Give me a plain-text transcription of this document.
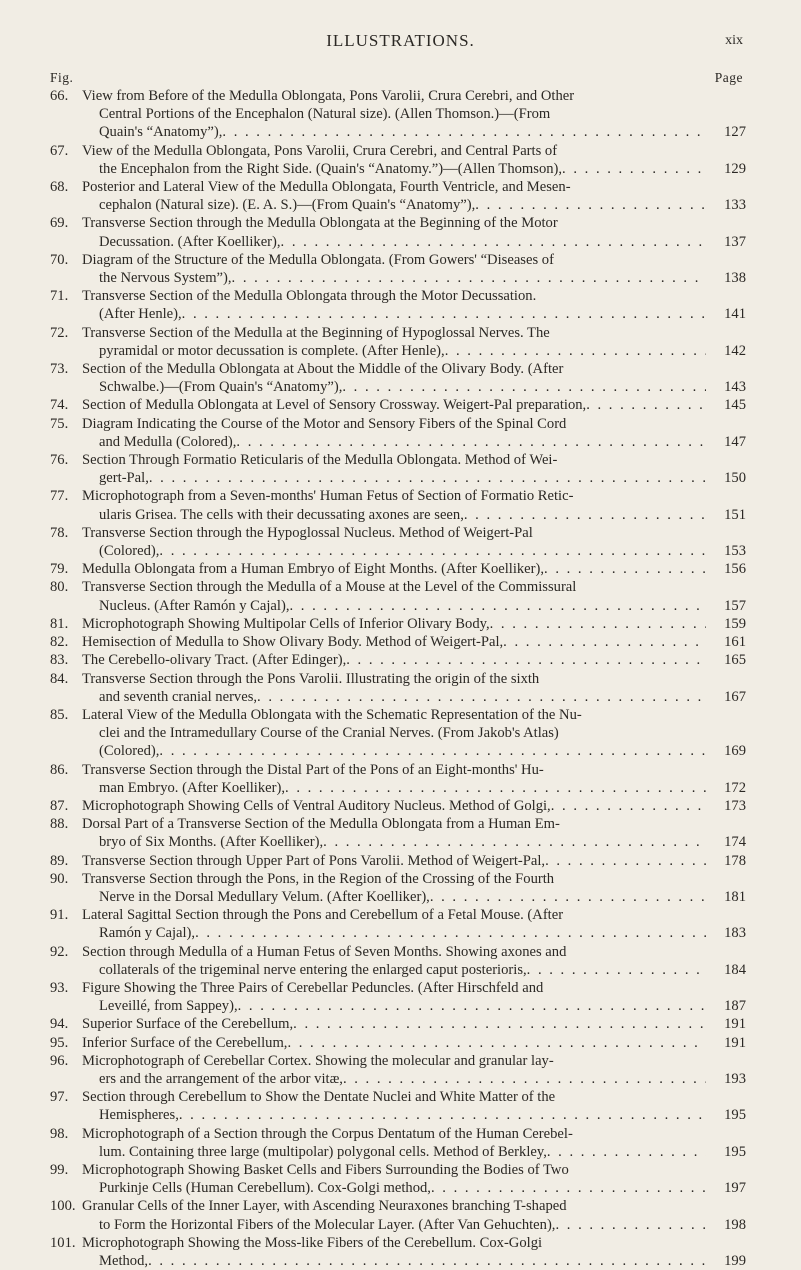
ILLUSTRATIONS.	xix
Fig.	Page
66. View from Before of the Medulla Oblongata, Pons Varolii, Crura Cerebri, and Other
Central Portions of the Encephalon (Natural size). (Allen Thomson.)—(From
Quain's “Anatomy”), . . .	127
67. View of the Medulla Oblongata, Pons Varolii, Crura Cerebri, and Central Parts of
the Encephalon from the Right Side. (Quain's “Anatomy.”)—(Allen Thomson), . . .	129
68. Posterior and Lateral View of the Medulla Oblongata, Fourth Ventricle, and Mesen-
cephalon (Natural size). (E. A. S.)—(From Quain's “Anatomy”), . . .	133
69. Transverse Section through the Medulla Oblongata at the Beginning of the Motor
Decussation. (After Koelliker), . . .	137
70. Diagram of the Structure of the Medulla Oblongata. (From Gowers' “Diseases of
the Nervous System”), . . .	138
71. Transverse Section of the Medulla Oblongata through the Motor Decussation.
(After Henle), . . .	141
72. Transverse Section of the Medulla at the Beginning of Hypoglossal Nerves. The
pyramidal or motor decussation is complete. (After Henle), . . .	142
73. Section of the Medulla Oblongata at About the Middle of the Olivary Body. (After
Schwalbe.)—(From Quain's “Anatomy”), . . .	143
74. Section of Medulla Oblongata at Level of Sensory Crossway. Weigert-Pal preparation, . . .	145
75. Diagram Indicating the Course of the Motor and Sensory Fibers of the Spinal Cord
and Medulla (Colored), . . .	147
76. Section Through Formatio Reticularis of the Medulla Oblongata. Method of Wei-
gert-Pal, . . .	150
77. Microphotograph from a Seven-months' Human Fetus of Section of Formatio Retic-
ularis Grisea. The cells with their decussating axones are seen, . . .	151
78. Transverse Section through the Hypoglossal Nucleus. Method of Weigert-Pal
(Colored), . . .	153
79. Medulla Oblongata from a Human Embryo of Eight Months. (After Koelliker), . . .	156
80. Transverse Section through the Medulla of a Mouse at the Level of the Commissural
Nucleus. (After Ramón y Cajal), . . .	157
81. Microphotograph Showing Multipolar Cells of Inferior Olivary Body, . . .	159
82. Hemisection of Medulla to Show Olivary Body. Method of Weigert-Pal, . . .	161
83. The Cerebello-olivary Tract. (After Edinger), . . .	165
84. Transverse Section through the Pons Varolii. Illustrating the origin of the sixth
and seventh cranial nerves, . . .	167
85. Lateral View of the Medulla Oblongata with the Schematic Representation of the Nu-
clei and the Intramedullary Course of the Cranial Nerves. (From Jakob's Atlas)
(Colored), . . .	169
86. Transverse Section through the Distal Part of the Pons of an Eight-months' Hu-
man Embryo. (After Koelliker), . . .	172
87. Microphotograph Showing Cells of Ventral Auditory Nucleus. Method of Golgi, . . .	173
88. Dorsal Part of a Transverse Section of the Medulla Oblongata from a Human Em-
bryo of Six Months. (After Koelliker), . . .	174
89. Transverse Section through Upper Part of Pons Varolii. Method of Weigert-Pal, . . .	178
90. Transverse Section through the Pons, in the Region of the Crossing of the Fourth
Nerve in the Dorsal Medullary Velum. (After Koelliker), . . .	181
91. Lateral Sagittal Section through the Pons and Cerebellum of a Fetal Mouse. (After
Ramón y Cajal), . . .	183
92. Section through Medulla of a Human Fetus of Seven Months. Showing axones and
collaterals of the trigeminal nerve entering the enlarged caput posterioris, . . .	184
93. Figure Showing the Three Pairs of Cerebellar Peduncles. (After Hirschfeld and
Leveillé, from Sappey), . . .	187
94. Superior Surface of the Cerebellum, . . .	191
95. Inferior Surface of the Cerebellum, . . .	191
96. Microphotograph of Cerebellar Cortex. Showing the molecular and granular lay-
ers and the arrangement of the arbor vitæ, . . .	193
97. Section through Cerebellum to Show the Dentate Nuclei and White Matter of the
Hemispheres, . . .	195
98. Microphotograph of a Section through the Corpus Dentatum of the Human Cerebel-
lum. Containing three large (multipolar) polygonal cells. Method of Berkley, . . .	195
99. Microphotograph Showing Basket Cells and Fibers Surrounding the Bodies of Two
Purkinje Cells (Human Cerebellum). Cox-Golgi method, . . .	197
100. Granular Cells of the Inner Layer, with Ascending Neuraxones branching T-shaped
to Form the Horizontal Fibers of the Molecular Layer. (After Van Gehuchten), . . .	198
101. Microphotograph Showing the Moss-like Fibers of the Cerebellum. Cox-Golgi
Method, . . .	199
